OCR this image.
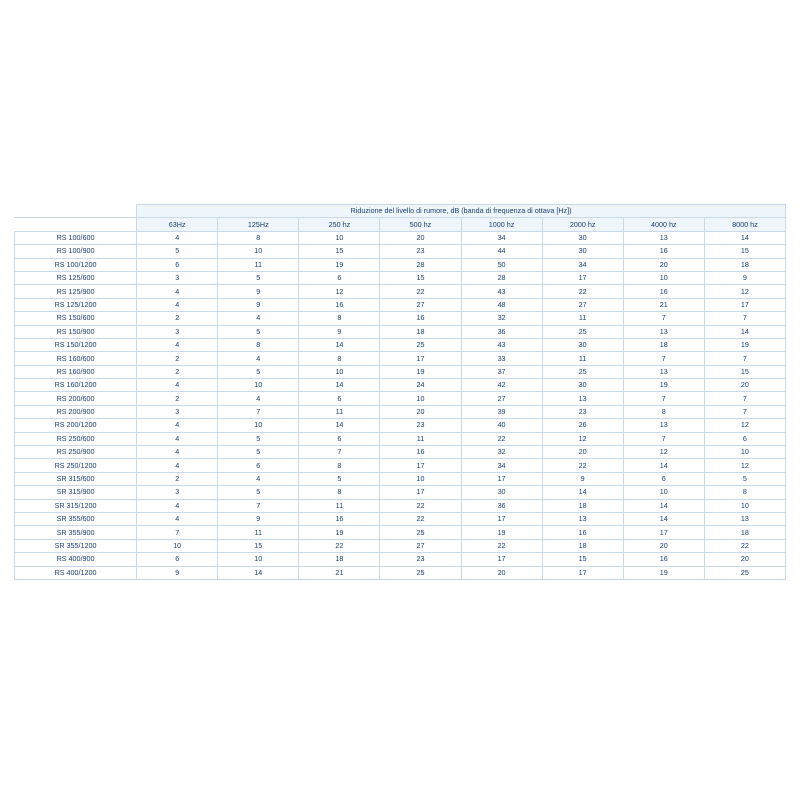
	Riduzione del livello di rumore, dB (banda di frequenza di ottava [Hz])							
	63Hz	125Hz	250 hz	500 hz	1000 hz	2000 hz	4000 hz	8000 hz
RS 100/600	4	8	10	20	34	30	13	14
RS 100/900	5	10	15	23	44	30	16	15
RS 100/1200	6	11	19	28	50	34	20	18
RS 125/600	3	5	6	15	28	17	10	9
RS 125/900	4	9	12	22	43	22	16	12
RS 125/1200	4	9	16	27	48	27	21	17
RS 150/600	2	4	8	16	32	11	7	7
RS 150/900	3	5	9	18	36	25	13	14
RS 150/1200	4	8	14	25	43	30	18	19
RS 160/600	2	4	8	17	33	11	7	7
RS 160/900	2	5	10	19	37	25	13	15
RS 160/1200	4	10	14	24	42	30	19	20
RS 200/600	2	4	6	10	27	13	7	7
RS 200/900	3	7	11	20	39	23	8	7
RS 200/1200	4	10	14	23	40	26	13	12
RS 250/600	4	5	6	11	22	12	7	6
RS 250/900	4	5	7	16	32	20	12	10
RS 250/1200	4	6	8	17	34	22	14	12
SR 315/600	2	4	5	10	17	9	6	5
SR 315/900	3	5	8	17	30	14	10	8
SR 315/1200	4	7	11	22	36	18	14	10
SR 355/600	4	9	16	22	17	13	14	13
SR 355/900	7	11	19	25	19	16	17	18
SR 355/1200	10	15	22	27	22	18	20	22
RS 400/900	6	10	18	23	17	15	16	20
RS 400/1200	9	14	21	25	20	17	19	25
